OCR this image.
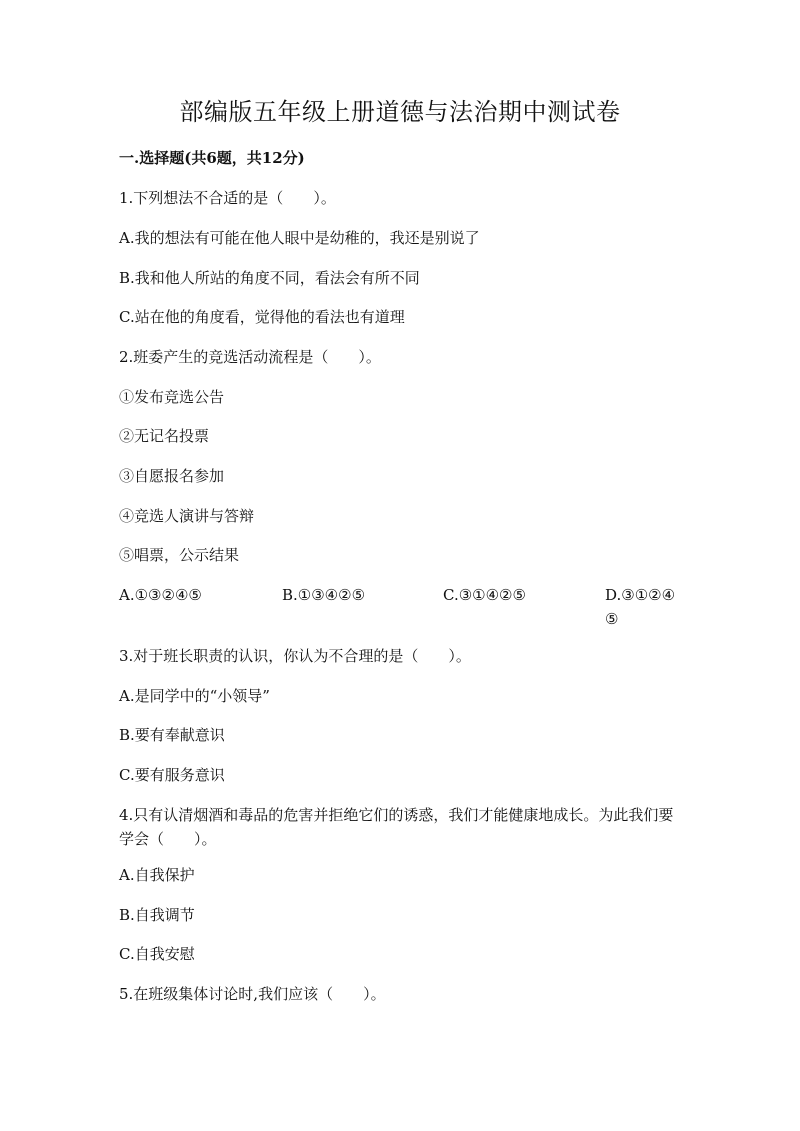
部编版五年级上册道德与法治期中测试卷
一.选择题(共6题，共12分)
1.下列想法不合适的是（　　）。
A.我的想法有可能在他人眼中是幼稚的，我还是别说了
B.我和他人所站的角度不同，看法会有所不同
C.站在他的角度看，觉得他的看法也有道理
2.班委产生的竞选活动流程是（　　）。
①发布竞选公告
②无记名投票
③自愿报名参加
④竞选人演讲与答辩
⑤唱票，公示结果
A.①③②④⑤	B.①③④②⑤	C.③①④②⑤	D.③①②④⑤
3.对于班长职责的认识，你认为不合理的是（　　）。
A.是同学中的“小领导”
B.要有奉献意识
C.要有服务意识
4.只有认清烟酒和毒品的危害并拒绝它们的诱惑，我们才能健康地成长。为此我们要学会（　　）。
A.自我保护
B.自我调节
C.自我安慰
5.在班级集体讨论时,我们应该（　　）。
